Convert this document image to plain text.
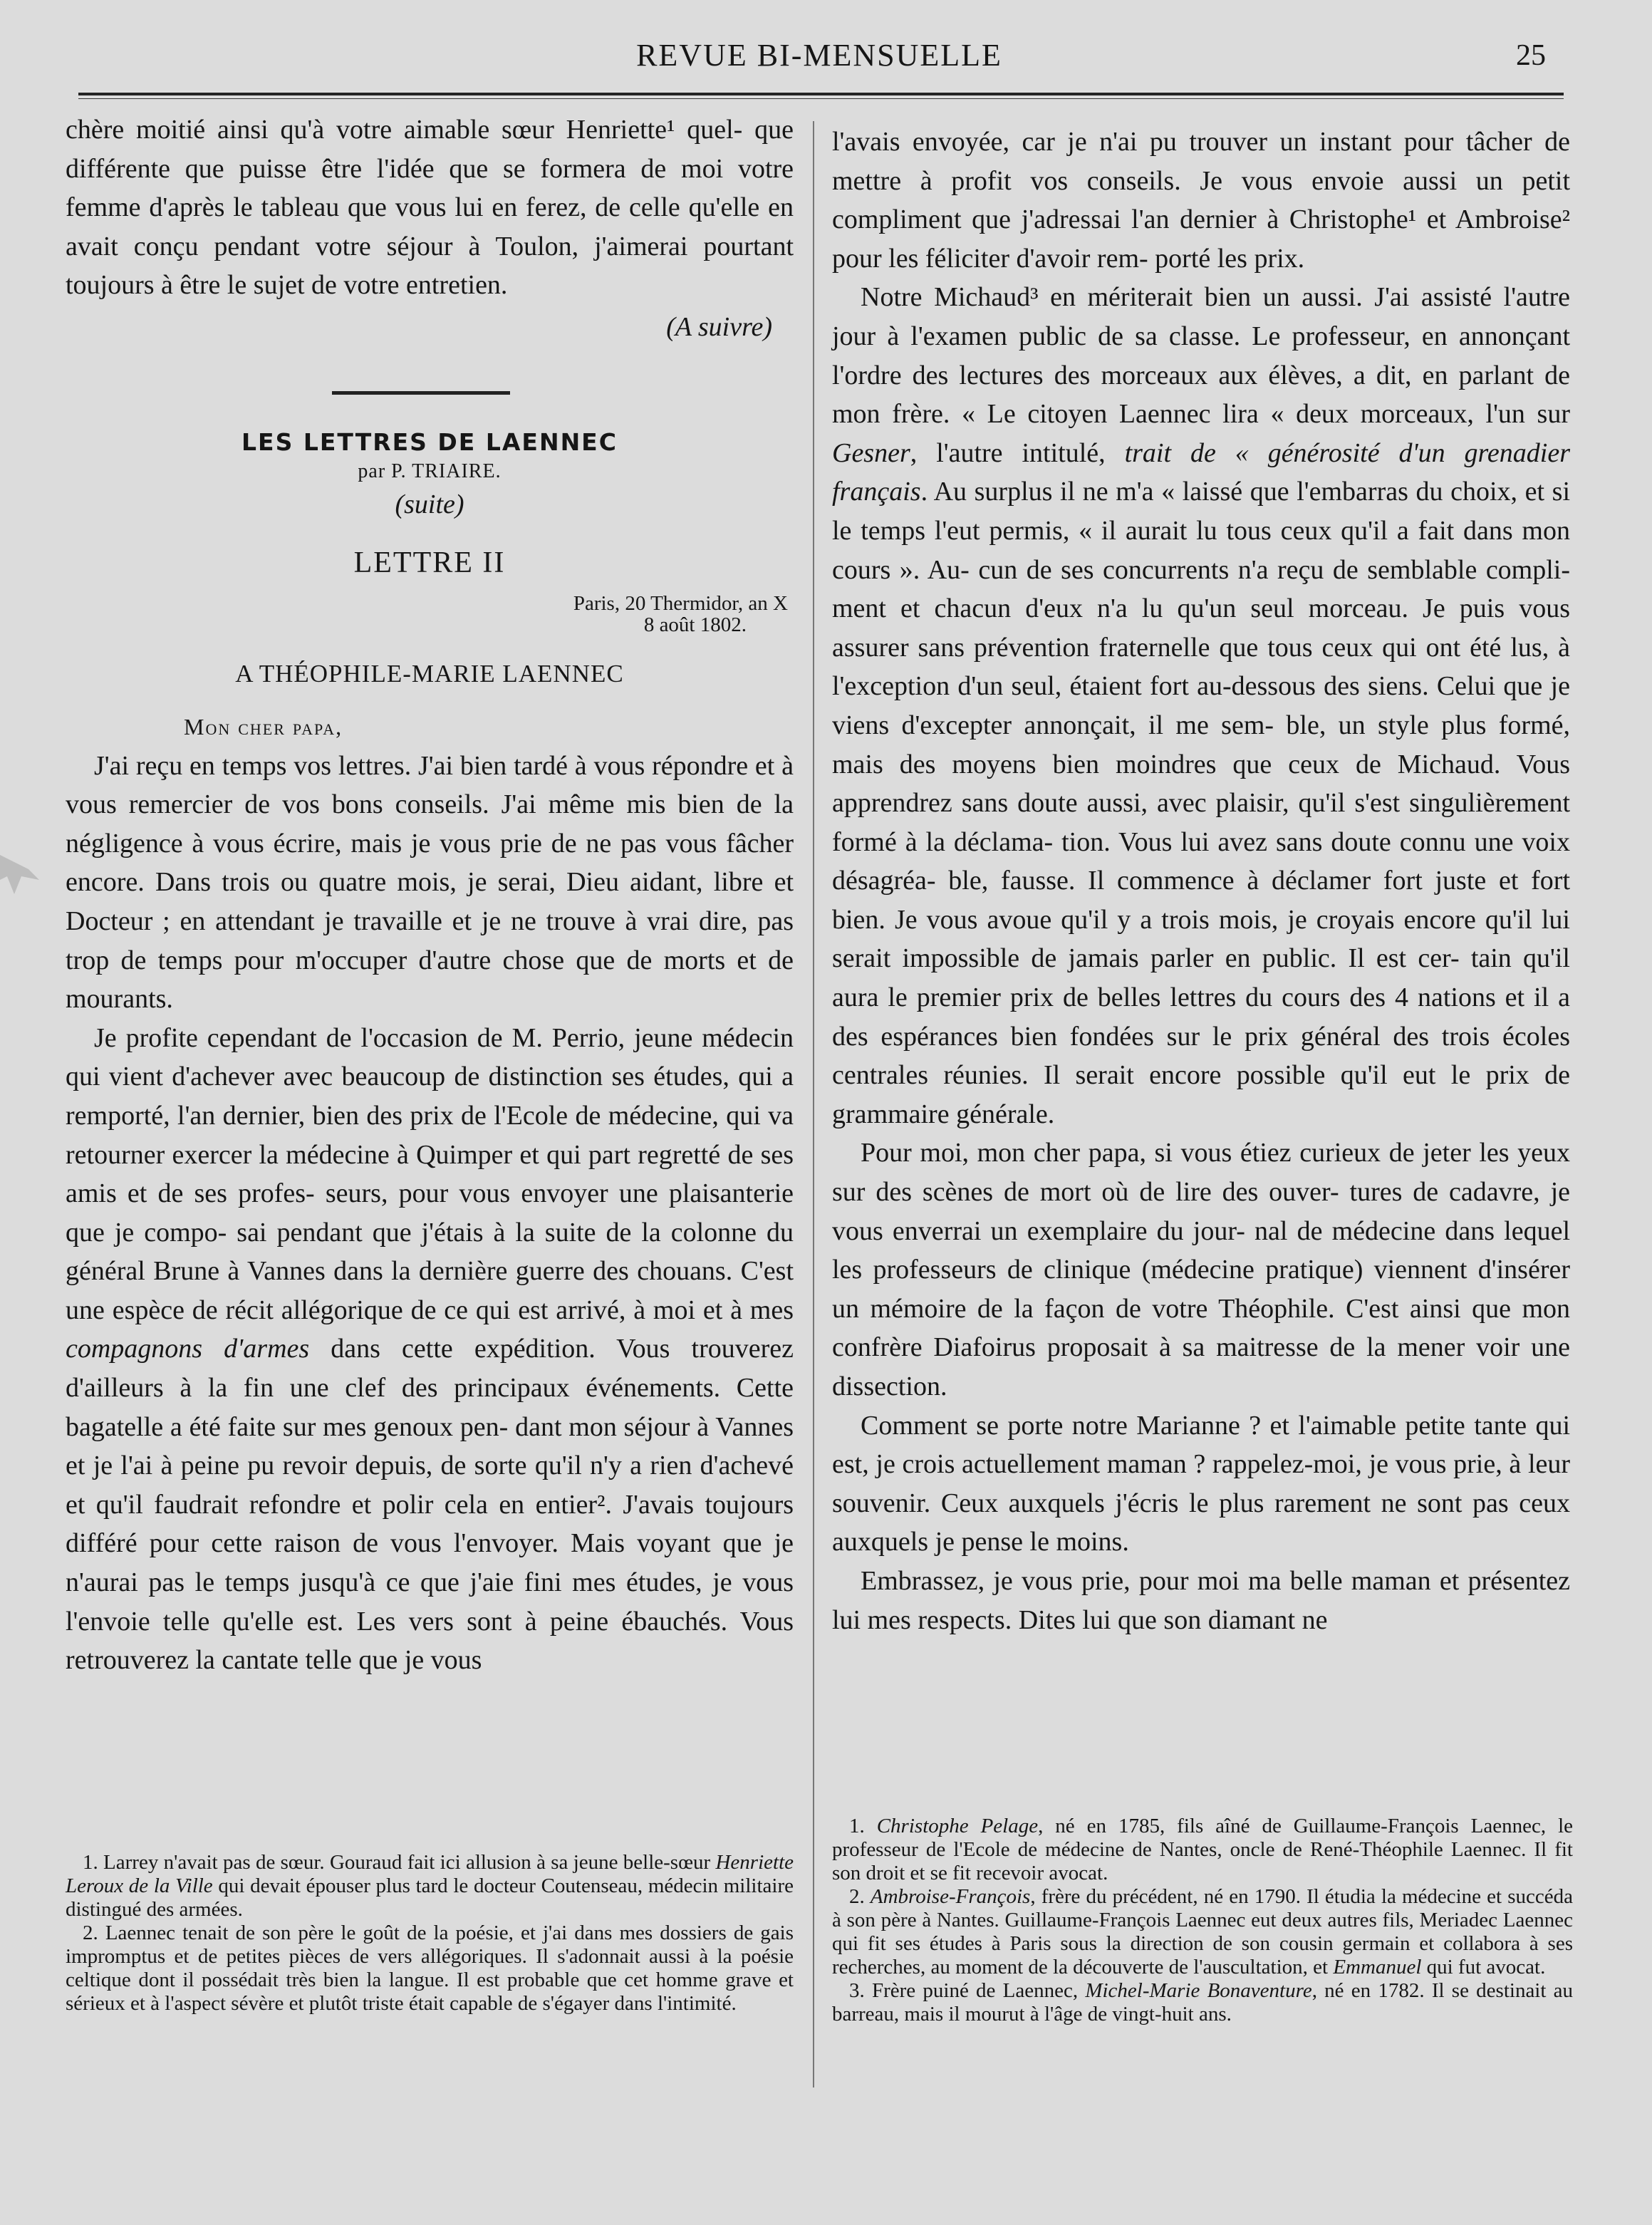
REVUE BI-MENSUELLE	25

chère moitié ainsi qu'à votre aimable sœur Henriette¹ quel- que différente que puisse être l'idée que se formera de moi votre femme d'après le tableau que vous lui en ferez, de celle qu'elle en avait conçu pendant votre séjour à Toulon, j'aimerai pourtant toujours à être le sujet de votre entretien.

(A suivre)

LES LETTRES DE LAENNEC
par P. TRIAIRE.
(suite)
LETTRE II
Paris, 20 Thermidor, an X
8 août 1802.
A THÉOPHILE-MARIE LAENNEC

Mon cher papa,

J'ai reçu en temps vos lettres. J'ai bien tardé à vous répondre et à vous remercier de vos bons conseils. J'ai même mis bien de la négligence à vous écrire, mais je vous prie de ne pas vous fâcher encore. Dans trois ou quatre mois, je serai, Dieu aidant, libre et Docteur ; en attendant je travaille et je ne trouve à vrai dire, pas trop de temps pour m'occuper d'autre chose que de morts et de mourants.

Je profite cependant de l'occasion de M. Perrio, jeune médecin qui vient d'achever avec beaucoup de distinction ses études, qui a remporté, l'an dernier, bien des prix de l'Ecole de médecine, qui va retourner exercer la médecine à Quimper et qui part regretté de ses amis et de ses profes- seurs, pour vous envoyer une plaisanterie que je compo- sai pendant que j'étais à la suite de la colonne du général Brune à Vannes dans la dernière guerre des chouans. C'est une espèce de récit allégorique de ce qui est arrivé, à moi et à mes compagnons d'armes dans cette expédition. Vous trouverez d'ailleurs à la fin une clef des principaux événements. Cette bagatelle a été faite sur mes genoux pen- dant mon séjour à Vannes et je l'ai à peine pu revoir depuis, de sorte qu'il n'y a rien d'achevé et qu'il faudrait refondre et polir cela en entier². J'avais toujours différé pour cette raison de vous l'envoyer. Mais voyant que je n'aurai pas le temps jusqu'à ce que j'aie fini mes études, je vous l'envoie telle qu'elle est. Les vers sont à peine ébauchés. Vous retrouverez la cantate telle que je vous

1. Larrey n'avait pas de sœur. Gouraud fait ici allusion à sa jeune belle-sœur Henriette Leroux de la Ville qui devait épouser plus tard le docteur Coutenseau, médecin militaire distingué des armées.

2. Laennec tenait de son père le goût de la poésie, et j'ai dans mes dossiers de gais impromptus et de petites pièces de vers allégoriques. Il s'adonnait aussi à la poésie celtique dont il possédait très bien la langue. Il est probable que cet homme grave et sérieux et à l'aspect sévère et plutôt triste était capable de s'égayer dans l'intimité.

l'avais envoyée, car je n'ai pu trouver un instant pour tâcher de mettre à profit vos conseils. Je vous envoie aussi un petit compliment que j'adressai l'an dernier à Christophe¹ et Ambroise² pour les féliciter d'avoir rem- porté les prix.

Notre Michaud³ en mériterait bien un aussi. J'ai assisté l'autre jour à l'examen public de sa classe. Le professeur, en annonçant l'ordre des lectures des morceaux aux élèves, a dit, en parlant de mon frère. « Le citoyen Laennec lira « deux morceaux, l'un sur Gesner, l'autre intitulé, trait de « générosité d'un grenadier français. Au surplus il ne m'a « laissé que l'embarras du choix, et si le temps l'eut permis, « il aurait lu tous ceux qu'il a fait dans mon cours ». Au- cun de ses concurrents n'a reçu de semblable compli- ment et chacun d'eux n'a lu qu'un seul morceau. Je puis vous assurer sans prévention fraternelle que tous ceux qui ont été lus, à l'exception d'un seul, étaient fort au-dessous des siens. Celui que je viens d'excepter annonçait, il me sem- ble, un style plus formé, mais des moyens bien moindres que ceux de Michaud. Vous apprendrez sans doute aussi, avec plaisir, qu'il s'est singulièrement formé à la déclama- tion. Vous lui avez sans doute connu une voix désagréa- ble, fausse. Il commence à déclamer fort juste et fort bien. Je vous avoue qu'il y a trois mois, je croyais encore qu'il lui serait impossible de jamais parler en public. Il est cer- tain qu'il aura le premier prix de belles lettres du cours des 4 nations et il a des espérances bien fondées sur le prix général des trois écoles centrales réunies. Il serait encore possible qu'il eut le prix de grammaire générale.

Pour moi, mon cher papa, si vous étiez curieux de jeter les yeux sur des scènes de mort où de lire des ouver- tures de cadavre, je vous enverrai un exemplaire du jour- nal de médecine dans lequel les professeurs de clinique (médecine pratique) viennent d'insérer un mémoire de la façon de votre Théophile. C'est ainsi que mon confrère Diafoirus proposait à sa maitresse de la mener voir une dissection.

Comment se porte notre Marianne ? et l'aimable petite tante qui est, je crois actuellement maman ? rappelez-moi, je vous prie, à leur souvenir. Ceux auxquels j'écris le plus rarement ne sont pas ceux auxquels je pense le moins.

Embrassez, je vous prie, pour moi ma belle maman et présentez lui mes respects. Dites lui que son diamant ne

1. Christophe Pelage, né en 1785, fils aîné de Guillaume-François Laennec, le professeur de l'Ecole de médecine de Nantes, oncle de René-Théophile Laennec. Il fit son droit et se fit recevoir avocat.

2. Ambroise-François, frère du précédent, né en 1790. Il étudia la médecine et succéda à son père à Nantes. Guillaume-François Laennec eut deux autres fils, Meriadec Laennec qui fit ses études à Paris sous la direction de son cousin germain et collabora à ses recherches, au moment de la découverte de l'auscultation, et Emmanuel qui fut avocat.

3. Frère puiné de Laennec, Michel-Marie Bonaventure, né en 1782. Il se destinait au barreau, mais il mourut à l'âge de vingt-huit ans.
